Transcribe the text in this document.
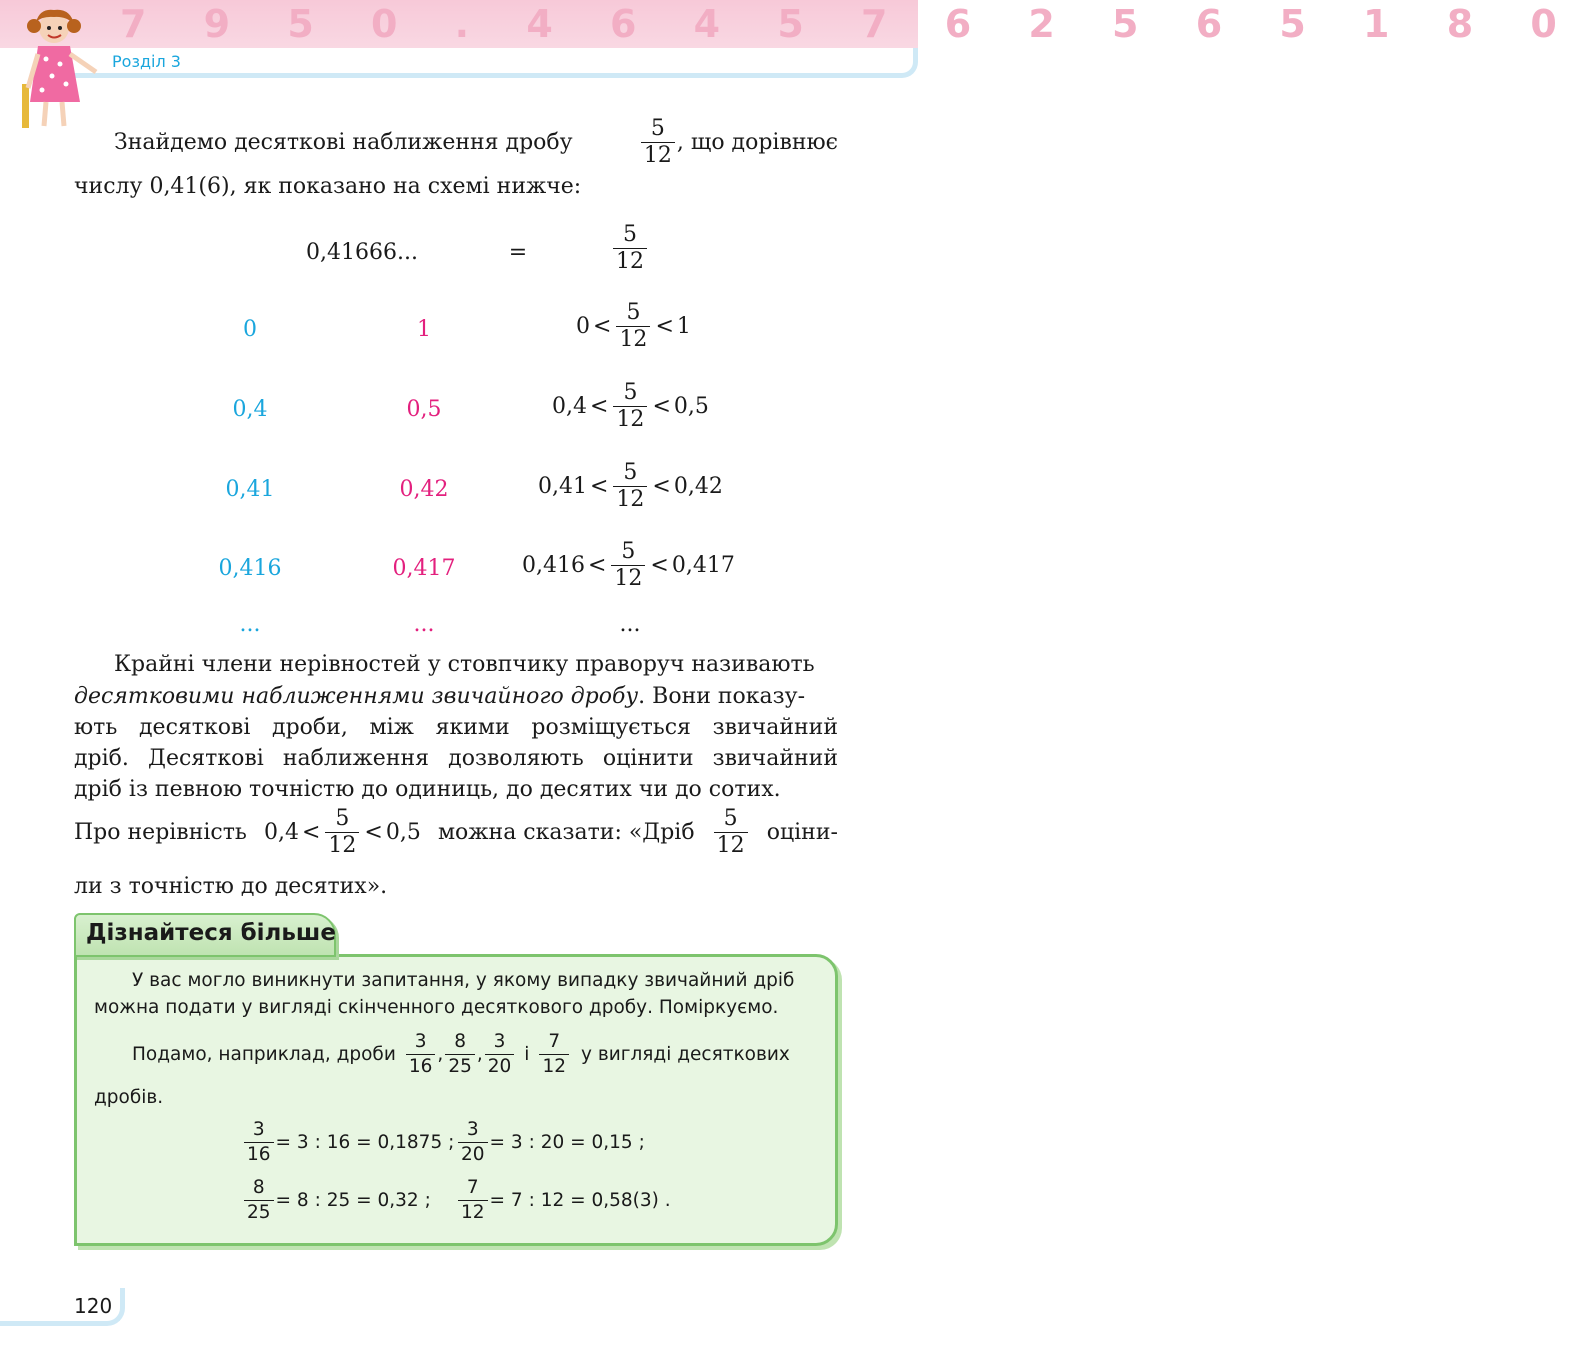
7 9 5 0 . 4 6 4 5 7 6 2 5 6 5 1 8 0
Розділ 3
Знайдемо десяткові наближення дробу	$\frac{5}{12}$ , що дорівнює
числу 0,41(6), як показано на схемі нижче:
0,41666...	=	$\frac{5}{12}$
0	1	$0 < \frac{5}{12} < 1$
0,4	0,5	$0,4 < \frac{5}{12} < 0,5$
0,41	0,42	$0,41 < \frac{5}{12} < 0,42$
0,416	0,417	$0,416 < \frac{5}{12} < 0,417$
...	...	...
Крайні члени нерівностей у стовпчику праворуч називають
десятковими наближеннями звичайного дробу. Вони показу-
ють десяткові дроби, між якими розміщується звичайний
дріб. Десяткові наближення дозволяють оцінити звичайний
дріб із певною точністю до одиниць, до десятих чи до сотих.
Про нерівність $0,4 < \frac{5}{12} < 0,5$ можна сказати: «Дріб $\frac{5}{12}$ оціни-
ли з точністю до десятих».
Дізнайтеся більше
У вас могло виникнути запитання, у якому випадку звичайний дріб
можна подати у вигляді скінченного десяткового дробу. Поміркуємо.
Подамо, наприклад, дроби $\frac{3}{16}$ , $\frac{8}{25}$ , $\frac{3}{20}$ і $\frac{7}{12}$ у вигляді десяткових
дробів.
$\frac{3}{16} = 3$ : 16 = 0,1875 ; $\frac{3}{20} = 3$ : 20 = 0,15 ;
$\frac{8}{25} = 8$ : 25 = 0,32 ; $\frac{7}{12} = 7$ : 12 = 0,58(3) .
120
